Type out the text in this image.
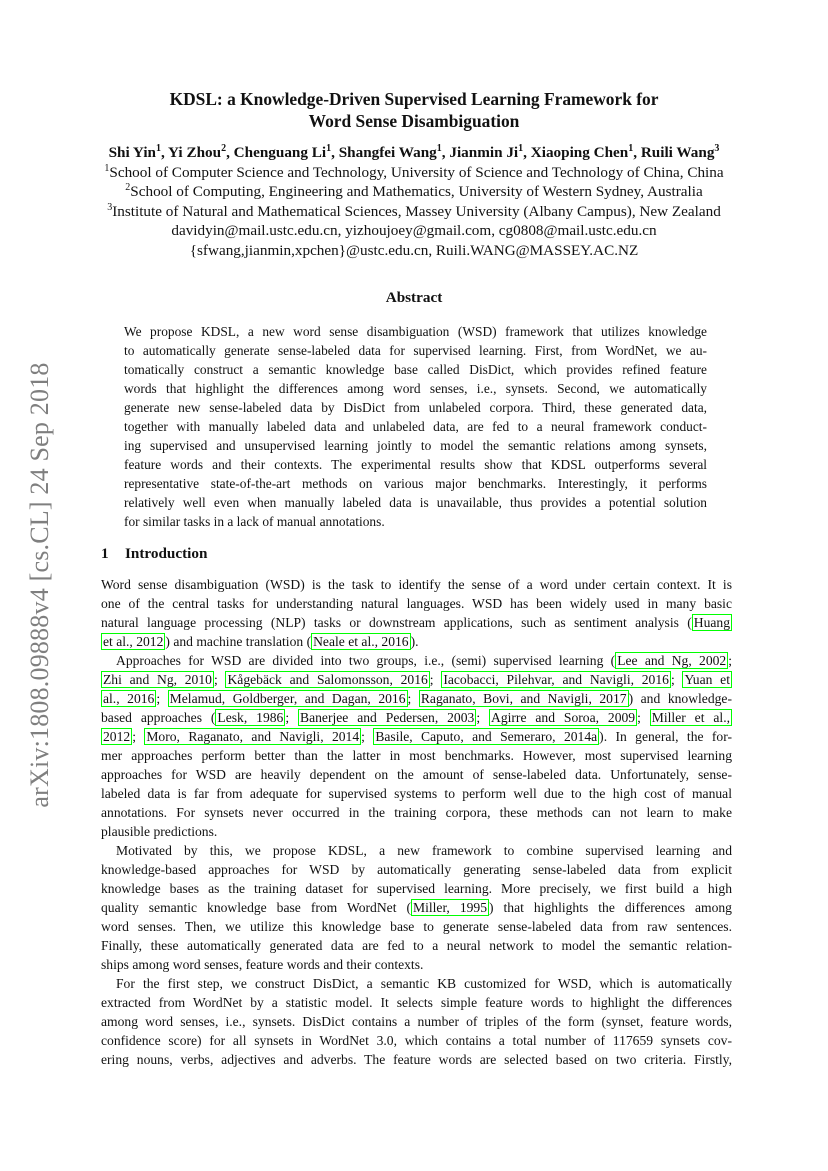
arXiv:1808.09888v4 [cs.CL] 24 Sep 2018
KDSL: a Knowledge-Driven Supervised Learning Framework for
Word Sense Disambiguation
Shi Yin$^1$, Yi Zhou$^2$, Chenguang Li$^1$, Shangfei Wang$^1$, Jianmin Ji$^1$, Xiaoping Chen$^1$, Ruili Wang$^3$
$^1$School of Computer Science and Technology, University of Science and Technology of China, China
$^2$School of Computing, Engineering and Mathematics, University of Western Sydney, Australia
$^3$Institute of Natural and Mathematical Sciences, Massey University (Albany Campus), New Zealand
davidyin@mail.ustc.edu.cn, yizhoujoey@gmail.com, cg0808@mail.ustc.edu.cn
{sfwang,jianmin,xpchen}@ustc.edu.cn, Ruili.WANG@MASSEY.AC.NZ
Abstract
We propose KDSL, a new word sense disambiguation (WSD) framework that utilizes knowledge
to automatically generate sense-labeled data for supervised learning. First, from WordNet, we au-
tomatically construct a semantic knowledge base called DisDict, which provides refined feature
words that highlight the differences among word senses, i.e., synsets. Second, we automatically
generate new sense-labeled data by DisDict from unlabeled corpora. Third, these generated data,
together with manually labeled data and unlabeled data, are fed to a neural framework conduct-
ing supervised and unsupervised learning jointly to model the semantic relations among synsets,
feature words and their contexts. The experimental results show that KDSL outperforms several
representative state-of-the-art methods on various major benchmarks. Interestingly, it performs
relatively well even when manually labeled data is unavailable, thus provides a potential solution
for similar tasks in a lack of manual annotations.
1 Introduction
Word sense disambiguation (WSD) is the task to identify the sense of a word under certain context. It is
one of the central tasks for understanding natural languages. WSD has been widely used in many basic
natural language processing (NLP) tasks or downstream applications, such as sentiment analysis ( Huang
et al., 2012 ) and machine translation ( Neale et al., 2016 ).
Approaches for WSD are divided into two groups, i.e., (semi) supervised learning ( Lee and Ng, 2002 ;
Zhi and Ng, 2010 ; Kågebäck and Salomonsson, 2016 ; Iacobacci, Pilehvar, and Navigli, 2016 ; Yuan et
al., 2016 ; Melamud, Goldberger, and Dagan, 2016 ; Raganato, Bovi, and Navigli, 2017 ) and knowledge-
based approaches ( Lesk, 1986 ; Banerjee and Pedersen, 2003 ; Agirre and Soroa, 2009 ; Miller et al.,
2012 ; Moro, Raganato, and Navigli, 2014 ; Basile, Caputo, and Semeraro, 2014a ). In general, the for-
mer approaches perform better than the latter in most benchmarks. However, most supervised learning
approaches for WSD are heavily dependent on the amount of sense-labeled data. Unfortunately, sense-
labeled data is far from adequate for supervised systems to perform well due to the high cost of manual
annotations. For synsets never occurred in the training corpora, these methods can not learn to make
plausible predictions.
Motivated by this, we propose KDSL, a new framework to combine supervised learning and
knowledge-based approaches for WSD by automatically generating sense-labeled data from explicit
knowledge bases as the training dataset for supervised learning. More precisely, we first build a high
quality semantic knowledge base from WordNet ( Miller, 1995 ) that highlights the differences among
word senses. Then, we utilize this knowledge base to generate sense-labeled data from raw sentences.
Finally, these automatically generated data are fed to a neural network to model the semantic relation-
ships among word senses, feature words and their contexts.
For the first step, we construct DisDict, a semantic KB customized for WSD, which is automatically
extracted from WordNet by a statistic model. It selects simple feature words to highlight the differences
among word senses, i.e., synsets. DisDict contains a number of triples of the form (synset, feature words,
confidence score) for all synsets in WordNet 3.0, which contains a total number of 117659 synsets cov-
ering nouns, verbs, adjectives and adverbs. The feature words are selected based on two criteria. Firstly,
